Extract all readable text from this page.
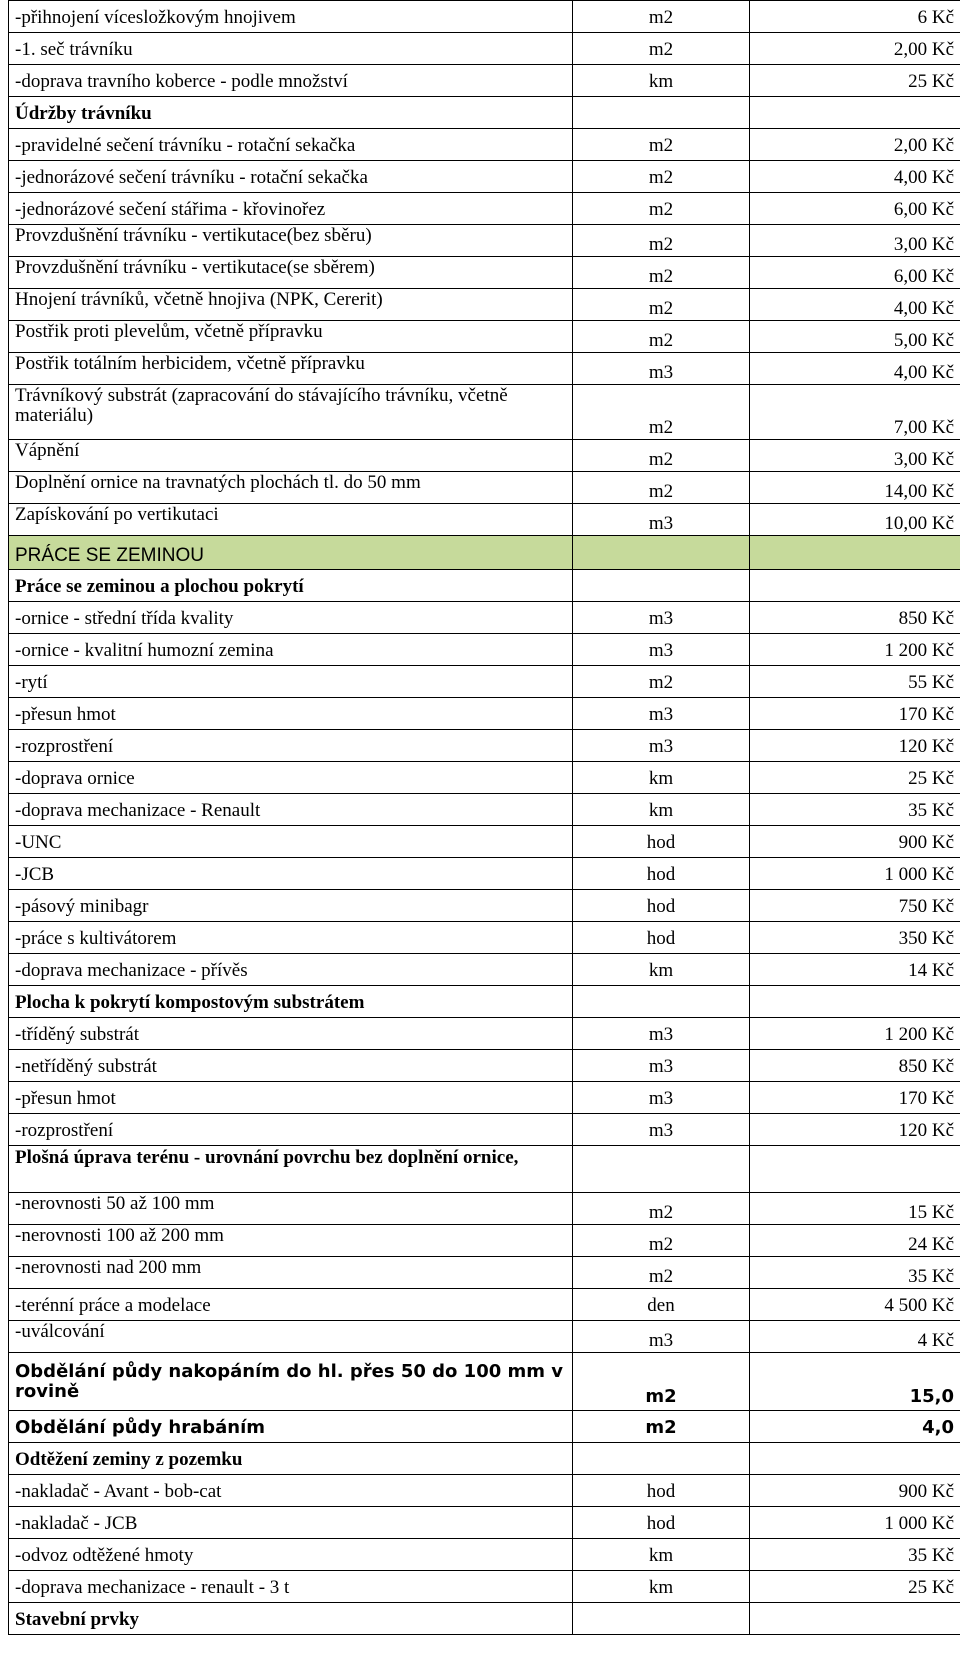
-přihnojení vícesložkovým hnojivem	m2	6 Kč
-1. seč trávníku	m2	2,00 Kč
-doprava travního koberce - podle množství	km	25 Kč
Údržby trávníku		
-pravidelné sečení trávníku - rotační sekačka	m2	2,00 Kč
-jednorázové sečení trávníku - rotační sekačka	m2	4,00 Kč
-jednorázové sečení stářima - křovinořez	m2	6,00 Kč
Provzdušnění trávníku - vertikutace(bez sběru)	m2	3,00 Kč
Provzdušnění trávníku - vertikutace(se sběrem)	m2	6,00 Kč
Hnojení trávníků, včetně hnojiva (NPK, Cererit)	m2	4,00 Kč
Postřik proti plevelům, včetně přípravku	m2	5,00 Kč
Postřik totálním herbicidem, včetně přípravku	m3	4,00 Kč
Trávníkový substrát (zapracování do stávajícího trávníku, včetně materiálu)	m2	7,00 Kč
Vápnění	m2	3,00 Kč
Doplnění ornice na travnatých plochách tl. do 50 mm	m2	14,00 Kč
Zapískování po vertikutaci	m3	10,00 Kč
PRÁCE SE ZEMINOU		
Práce se zeminou a plochou pokrytí		
-ornice - střední třída kvality	m3	850 Kč
-ornice - kvalitní humozní zemina	m3	1 200 Kč
-rytí	m2	55 Kč
-přesun hmot	m3	170 Kč
-rozprostření	m3	120 Kč
-doprava ornice	km	25 Kč
-doprava mechanizace - Renault	km	35 Kč
-UNC	hod	900 Kč
-JCB	hod	1 000 Kč
-pásový minibagr	hod	750 Kč
-práce s kultivátorem	hod	350 Kč
-doprava mechanizace - přívěs	km	14 Kč
Plocha k pokrytí kompostovým substrátem		
-tříděný substrát	m3	1 200 Kč
-netříděný substrát	m3	850 Kč
-přesun hmot	m3	170 Kč
-rozprostření	m3	120 Kč
Plošná úprava terénu - urovnání povrchu bez doplnění ornice,		
-nerovnosti 50 až 100 mm	m2	15 Kč
-nerovnosti 100 až 200 mm	m2	24 Kč
-nerovnosti nad 200 mm	m2	35 Kč
-terénní práce a modelace	den	4 500 Kč
-uválcování	m3	4 Kč
Obdělání půdy nakopáním do hl. přes 50 do 100 mm v rovině	m2	15,0
Obdělání půdy hrabáním	m2	4,0
Odtěžení zeminy z pozemku		
-nakladač - Avant - bob-cat	hod	900 Kč
-nakladač - JCB	hod	1 000 Kč
-odvoz odtěžené hmoty	km	35 Kč
-doprava mechanizace - renault - 3 t	km	25 Kč
Stavební prvky		
